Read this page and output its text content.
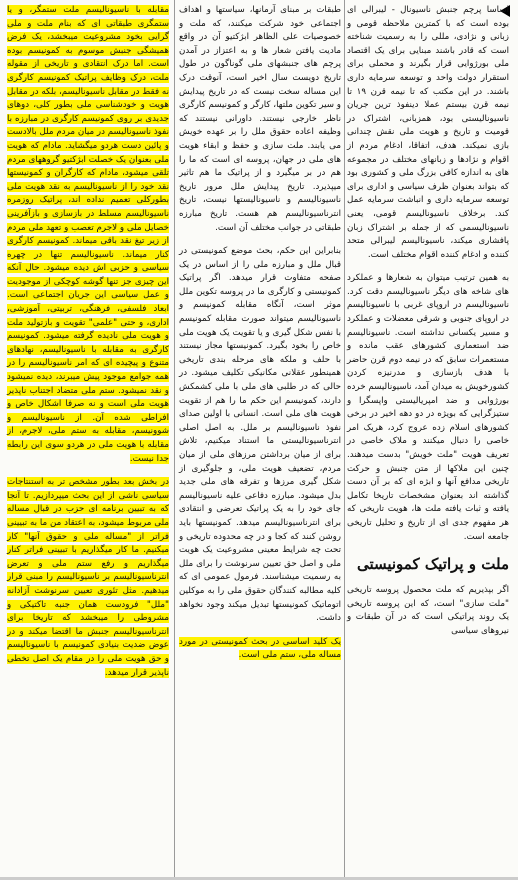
اساسا پرچم جنبش ناسیونال - لیبرالی ای بوده است که با کمترین ملاحظه قومی و زبانی و نژادی، مللی را به رسمیت شناخته است که قادر باشند مبنایی برای یک اقتصاد ملی بورژوایی قرار بگیرند و محملی برای استقرار دولت واحد و توسعه سرمایه داری باشند. در این مکتب که تا نیمه قرن ۱۹ تا نیمه قرن بیستم عملا دینفوذ ترین جریان ناسیونالیستی بود، همزبانی، اشتراک در قومیت و تاریخ و هویت ملی نقش چندانی بازی نمیکند. هدف، اتفاقا، ادغام مردم از اقوام و نژادها و زبانهای مختلف در مجموعه های به اندازه کافی بزرگ ملی و کشوری بود که بتواند بعنوان ظرف سیاسی و اداری برای توسعه سرمایه داری و انباشت سرمایه عمل کند. برخلاف ناسیونالیسم قومی، یعنی ناسیونالیسمی که از جمله بر اشتراک زبان پافشاری میکند، ناسیونالیسم لیبرالی متحد کننده و ادغام کننده اقوام مختلف است.

به همین ترتیب میتوان به شعارها و عملکرد های شاخه های دیگر ناسیونالیسم دقت کرد. ناسیونالیسم در اروپای غربی با ناسیونالیسم در اروپای جنوبی و شرقی معضلات و عملکرد و مسیر یکسانی نداشته است. ناسیونالیسم ضد استعماری کشورهای عقب مانده و مستعمرات سابق که در نیمه دوم قرن حاضر با هدف بازسازی و مدرنیزه کردن کشورخویش به میدان آمد، ناسیونالیسم خرده بورژوایی و ضد امپریالیستی واپسگرا و ستیزگرایی که بویژه در دو دهه اخیر در برخی کشورهای اسلام زده عروج کرد، هریک امر خاصی را دنبال میکنند و ملاک خاصی در تعریف هویت "ملت خویش" بدست میدهند. چنین این ملاکها از متن جنبش و حرکت تاریخی مدافع آنها و ابژه ای که بر آن دست گذاشته اند بعنوان مشخصات تاریخا تکامل یافته و ثبات یافته ملت ها، هویت تاریخی که هر مفهوم جدی ای از تاریخ و تحلیل تاریخی جامعه است.

ملت و پراتیک کمونیستی

اگر بپذیریم که ملت محصول پروسه تاریخی "ملت سازی" است، که این پروسه تاریخی یک روند پراتیکی است که در آن طبقات و نیروهای سیاسی

طبقات بر مبنای آرمانها، سیاستها و اهداف اجتماعی خود شرکت میکنند، که ملت و خصوصیات علی الظاهر ابژکتیو آن در واقع مادیت یافتن شعار ها و به اعتزاز در آمدن پرچم های جنبشهای ملی گوناگون در طول تاریخ دویست سال اخیر است، آنوقت درک این مساله سخت نیست که در تاریخ پیدایش و سیر تکوین ملتها، کارگر و کمونیسم کارگری ناظر خارجی نیستند. داورانی نیستند که وظیفه اعاده حقوق ملل را بر عهده خویش می یابند. ملت سازی و حفظ و ابقاء هویت های ملی در جهان، پروسه ای است که ما را هم در بر میگیرد و از پراتیک ما هم تاثیر میپذیرد. تاریخ پیدایش ملل مرور تاریخ ناسیونالیسم و ناسیونالیستها نیست، تاریخ انترناسیونالیسم هم هست. تاریخ مبارزه طبقاتی در جوانب مختلف آن است.

بنابراین این حکم، بحث موضع کمونیستی در قبال ملل و مبارزه ملی را از اساس در یک صفحه متفاوت قرار میدهد. اگر پراتیک کمونیستی و کارگری ما در پروسه تکوین ملل موثر است، آنگاه مقابله کمونیسم و ناسیونالیسم میتواند صورت مقابله کمونیسم با نفس شکل گیری و یا تقویت یک هویت ملی خاص را بخود بگیرد. کمونیستها مجاز نیستند با حلف و ملکه های مرحله بندی تاریخی همینطور عقلانی مکانیکی تکلیف میشود. در حالی که در طلبی های ملی با ملی کشمکش دارند، کمونیسم این حکم ما را هم از تقویت هویت های ملی است. انسانی با اولین صدای نفوذ ناسیونالیسم بر ملل. به اصل اصلی انترناسیونالیستی ما استناد میکنیم، تلاش برای از میان برداشتن مرزهای ملی از میان مردم، تضعیف هویت ملی، و جلوگیری از شکل گیری مرزها و تفرقه های ملی جدید بدل میشود. مبارزه دفاعی علیه ناسیونالیسم جای خود را به یک پراتیک تعرضی و انتقادی برای انترناسیونالیسم میدهد. کمونیستها باید روشن کنند که کجا و در چه محدوده تاریخی و تحت چه شرایط معینی مشروعیت یک هویت ملی و اصل حق تعیین سرنوشت را برای ملل به رسمیت میشناسند. فرمول عمومی ای که کلیه مطالبه کنندگان حقوق ملی را به موکلین اتوماتیک کمونیستها تبدیل میکند وجود نخواهد داشت.

یک کلید اساسی در بحث کمونیستی در مورد مساله ملی، ستم ملی است.

مقابله با ناسیونالیسم ملت ستمگر، و یا ستمگری طبقاتی ای که بنام ملت و ملی گرایی بخود مشروعیت میبخشد، یک فرض همیشگی جنبش موسوم به کمونیسم بوده است. اما درک انتقادی و تاریخی از مقوله ملت، درک وظایف پراتیک کمونیسم کارگری نه فقط در مقابل ناسیونالیسم، بلکه در مقابل هویت و خودشناسی ملی بطور کلی، دوهای جدیدی بر روی کمونیسم کارگری در مبارزه با نفوذ ناسیونالیسم در میان مردم ملل بالادست و پائین دست هردو میگشاید. مادام که هویت ملی بعنوان یک خصلت ابژکتیو گروههای مردم تلقی میشود، مادام که کارگران و کمونیستها نقد خود را از ناسیونالیسم به نقد هویت ملی بطورکلی تعمیم نداده اند، پراتیک روزمره ناسیونالیسم مسلط در بازسازی و بازآفرینی خصایل ملی و لاجرم تعصب و تعهد ملی مردم از زیر تیغ نقد باقی میماند. کمونیسم کارگری کنار میماند. ناسیونالیسم تنها در چهره سیاسی و حزبی اش دیده میشود. حال آنکه این چیزی جز تنها گوشه کوچکی از موجودیت و عمل سیاسی این جریان اجتماعی است. ابعاد فلسفی، فرهنگی، تربیتی، آموزشی، اداری، و حتی "علمی" تقویت و بازتولید ملت و هویت ملی نادیده گرفته میشود. کمونیسم کارگری به مقابله با ناسیونالیسم، نهادهای متنوع و پیچیده ای که امر ناسیونالیسم را در همه جوامع موجود پیش میبرند، دیده نمیشود و نقد نمیشود. ستم ملی متضاد اجتناب ناپذیر هویت ملی است و نه صرفا اشکال خاص و افراطی شده آن. از ناسیونالیسم و شوونیسم، مقابله به ستم ملی، لاجرم، از مقابله با هویت ملی در هردو سوی این رابطه جدا نیست.

در بخش بعد بطور مشخص تر به استنتاجات سیاسی ناشی از این بحث میپردازیم. تا آنجا که به تبیین برنامه ای حزب در قبال مساله ملی مربوط میشود، به اعتقاد من ما به تبیینی فراتر از "مساله ملی و حقوق آنها" کار میکنیم. ما کار میگذاریم با تبیینی فراتر کنار میگذاریم و رفع ستم ملی و تعرض انترناسیونالیسم بر ناسیونالیسم را مبنی قرار میدهیم. مثل تئوری تعیین سرنوشت آزادانه "ملل" فرودست همان جنبه تاکتیکی و مشروطی را میبخشد که تاریخا برای انترناسیونالیسم جنبش ما اقتضا میکند و در عوض ضدیت بنیادی کمونیسم با ناسیونالیسم و حق هویت ملی را در مقام یک اصل تخطی ناپذیر قرار میدهد.
